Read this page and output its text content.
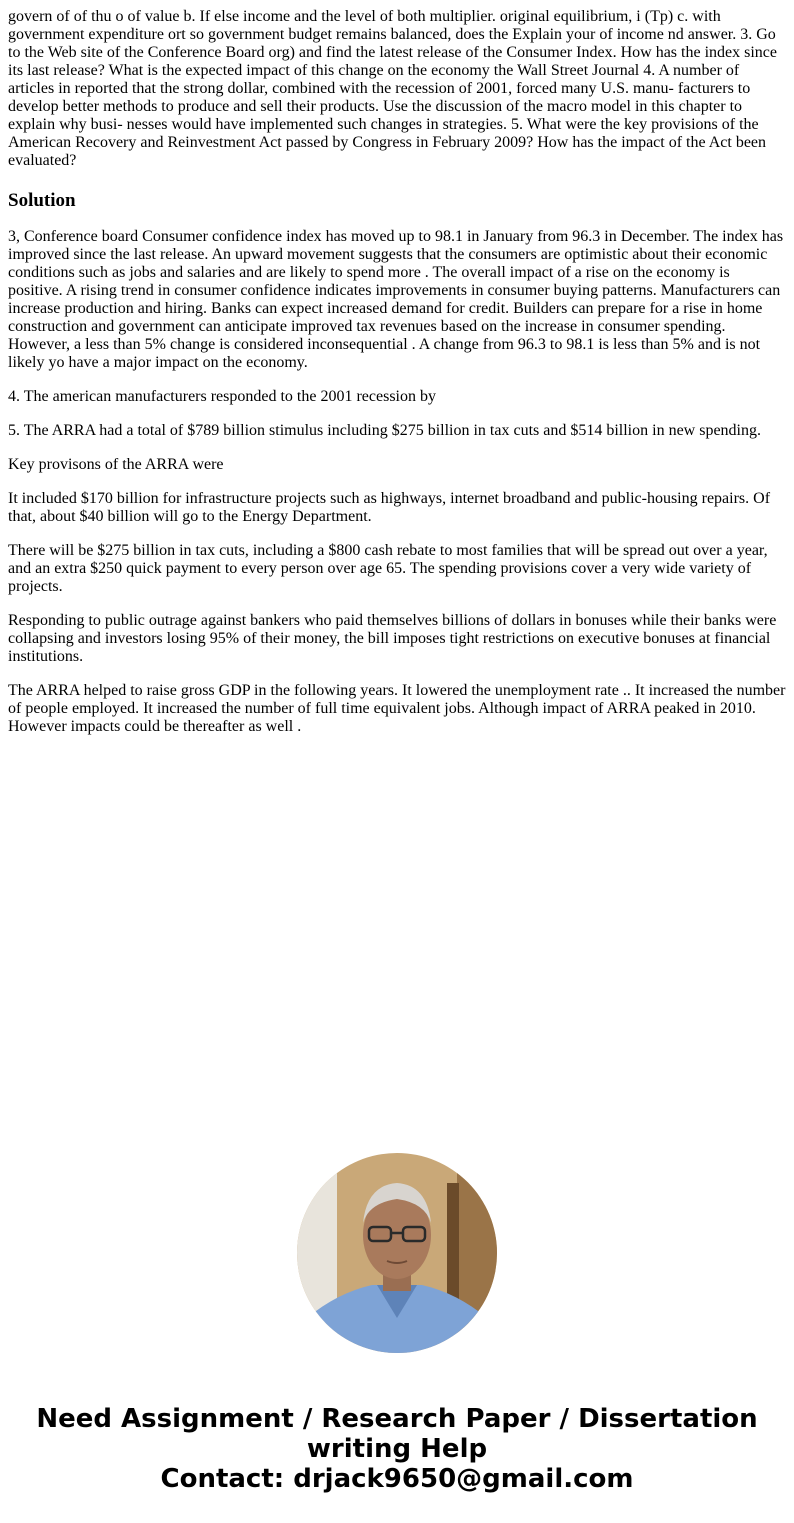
govern of of thu o of value b. If else income and the level of both multiplier. original equilibrium, i (Tp) c. with government expenditure ort so government budget remains balanced, does the Explain your of income nd answer. 3. Go to the Web site of the Conference Board org) and find the latest release of the Consumer Index. How has the index since its last release? What is the expected impact of this change on the economy the Wall Street Journal 4. A number of articles in reported that the strong dollar, combined with the recession of 2001, forced many U.S. manu- facturers to develop better methods to produce and sell their products. Use the discussion of the macro model in this chapter to explain why busi- nesses would have implemented such changes in strategies. 5. What were the key provisions of the American Recovery and Reinvestment Act passed by Congress in February 2009? How has the impact of the Act been evaluated?

Solution

3, Conference board Consumer confidence index has moved up to 98.1 in January from 96.3 in December. The index has improved since the last release. An upward movement suggests that the consumers are optimistic about their economic conditions such as jobs and salaries and are likely to spend more . The overall impact of a rise on the economy is positive. A rising trend in consumer confidence indicates improvements in consumer buying patterns. Manufacturers can increase production and hiring. Banks can expect increased demand for credit. Builders can prepare for a rise in home construction and government can anticipate improved tax revenues based on the increase in consumer spending. However, a less than 5% change is considered inconsequential . A change from 96.3 to 98.1 is less than 5% and is not likely yo have a major impact on the economy.

4. The american manufacturers responded to the 2001 recession by

5. The ARRA had a total of $789 billion stimulus including $275 billion in tax cuts and $514 billion in new spending.

Key provisons of the ARRA were

It included $170 billion for infrastructure projects such as highways, internet broadband and public-housing repairs. Of that, about $40 billion will go to the Energy Department.

There will be $275 billion in tax cuts, including a $800 cash rebate to most families that will be spread out over a year, and an extra $250 quick payment to every person over age 65. The spending provisions cover a very wide variety of projects.

Responding to public outrage against bankers who paid themselves billions of dollars in bonuses while their banks were collapsing and investors losing 95% of their money, the bill imposes tight restrictions on executive bonuses at financial institutions.

The ARRA helped to raise gross GDP in the following years. It lowered the unemployment rate .. It increased the number of people employed. It increased the number of full time equivalent jobs. Although impact of ARRA peaked in 2010. However impacts could be thereafter as well .

Need Assignment / Research Paper / Dissertation
writing Help
Contact: drjack9650@gmail.com
